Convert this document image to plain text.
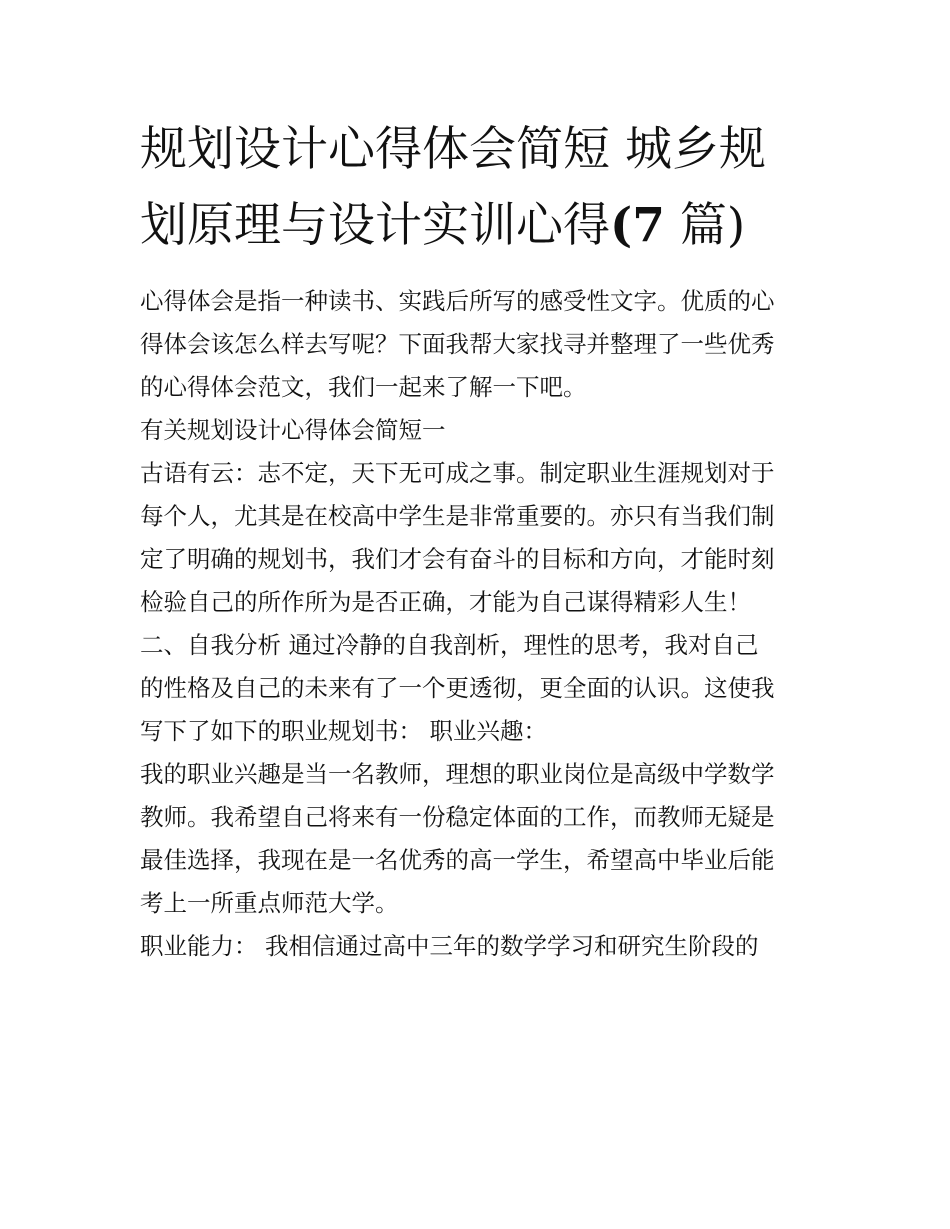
规划设计心得体会简短 城乡规
划原理与设计实训心得(7 篇)
心得体会是指一种读书、实践后所写的感受性文字。优质的心
得体会该怎么样去写呢？下面我帮大家找寻并整理了一些优秀
的心得体会范文，我们一起来了解一下吧。
有关规划设计心得体会简短一
古语有云：志不定，天下无可成之事。制定职业生涯规划对于
每个人，尤其是在校高中学生是非常重要的。亦只有当我们制
定了明确的规划书，我们才会有奋斗的目标和方向，才能时刻
检验自己的所作所为是否正确，才能为自己谋得精彩人生！
二、自我分析 通过冷静的自我剖析，理性的思考，我对自己
的性格及自己的未来有了一个更透彻，更全面的认识。这使我
写下了如下的职业规划书： 职业兴趣：
我的职业兴趣是当一名教师，理想的职业岗位是高级中学数学
教师。我希望自己将来有一份稳定体面的工作，而教师无疑是
最佳选择，我现在是一名优秀的高一学生，希望高中毕业后能
考上一所重点师范大学。
职业能力： 我相信通过高中三年的数学学习和研究生阶段的
